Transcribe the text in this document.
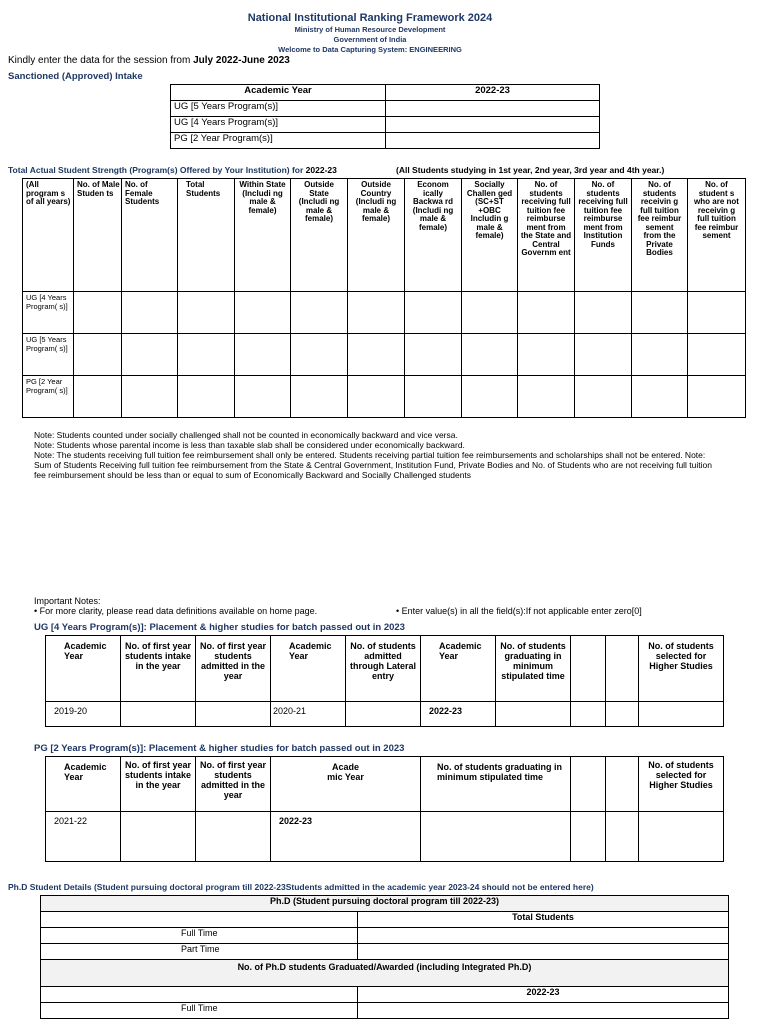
National Institutional Ranking Framework 2024
Ministry of Human Resource Development
Government of India
Welcome to Data Capturing System: ENGINEERING
Kindly enter the data for the session from July 2022-June 2023
Sanctioned (Approved) Intake
Academic Year	2022-23
UG [5 Years Program(s)]	
UG [4 Years Program(s)]	
PG [2 Year Program(s)]	
Total Actual Student Strength (Program(s) Offered by Your Institution) for 2022-23	(All Students studying in 1st year, 2nd year, 3rd year and 4th year.)
(All program s of all years)	No. of Male Studen ts	No. of Female Students	Total Students	Within State (Includi ng male & female)	Outside State (Includi ng male & female)	Outside Country (Includi ng male & female)	Econom ically Backwa rd (Includi ng male & female)	Socially Challen ged (SC+ST +OBC Includin g male & female)	No. of students receiving full tuition fee reimburse ment from the State and Central Governm ent	No. of students receiving full tuition fee reimburse ment from Institution Funds	No. of students receivin g full tuition fee reimbur sement from the Private Bodies	No. of student s who are not receivin g full tuition fee reimbur sement
UG [4 Years Program( s)]												
UG [5 Years Program( s)]												
PG [2 Year Program( s)]												
Note: Students counted under socially challenged shall not be counted in economically backward and vice versa.
Note: Students whose parental income is less than taxable slab shall be considered under economically backward.
Note: The students receiving full tuition fee reimbursement shall only be entered. Students receiving partial tuition fee reimbursements and scholarships shall not be entered. Note: Sum of Students Receiving full tuition fee reimbursement from the State & Central Government, Institution Fund, Private Bodies and No. of Students who are not receiving full tuition fee reimbursement should be less than or equal to sum of Economically Backward and Socially Challenged students
Important Notes:
• For more clarity, please read data definitions available on home page.	• Enter value(s) in all the field(s):If not applicable enter zero[0]
UG [4 Years Program(s)]: Placement & higher studies for batch passed out in 2023
Academic Year	No. of first year students intake in the year	No. of first year students admitted in the year	Academic Year	No. of students admitted through Lateral entry	Academic Year	No. of students graduating in minimum stipulated time			No. of students selected for Higher Studies
2019-20			2020-21		2022-23				
PG [2 Years Program(s)]: Placement & higher studies for batch passed out in 2023
Academic Year	No. of first year students intake in the year	No. of first year students admitted in the year	Acade mic Year	No. of students graduating in minimum stipulated time			No. of students selected for Higher Studies
2021-22			2022-23				
Ph.D Student Details (Student pursuing doctoral program till 2022-23Students admitted in the academic year 2023-24 should not be entered here)
Ph.D (Student pursuing doctoral program till 2022-23)	
	Total Students
Full Time	
Part Time	
No. of Ph.D students Graduated/Awarded (including Integrated Ph.D)	
	2022-23
Full Time	
